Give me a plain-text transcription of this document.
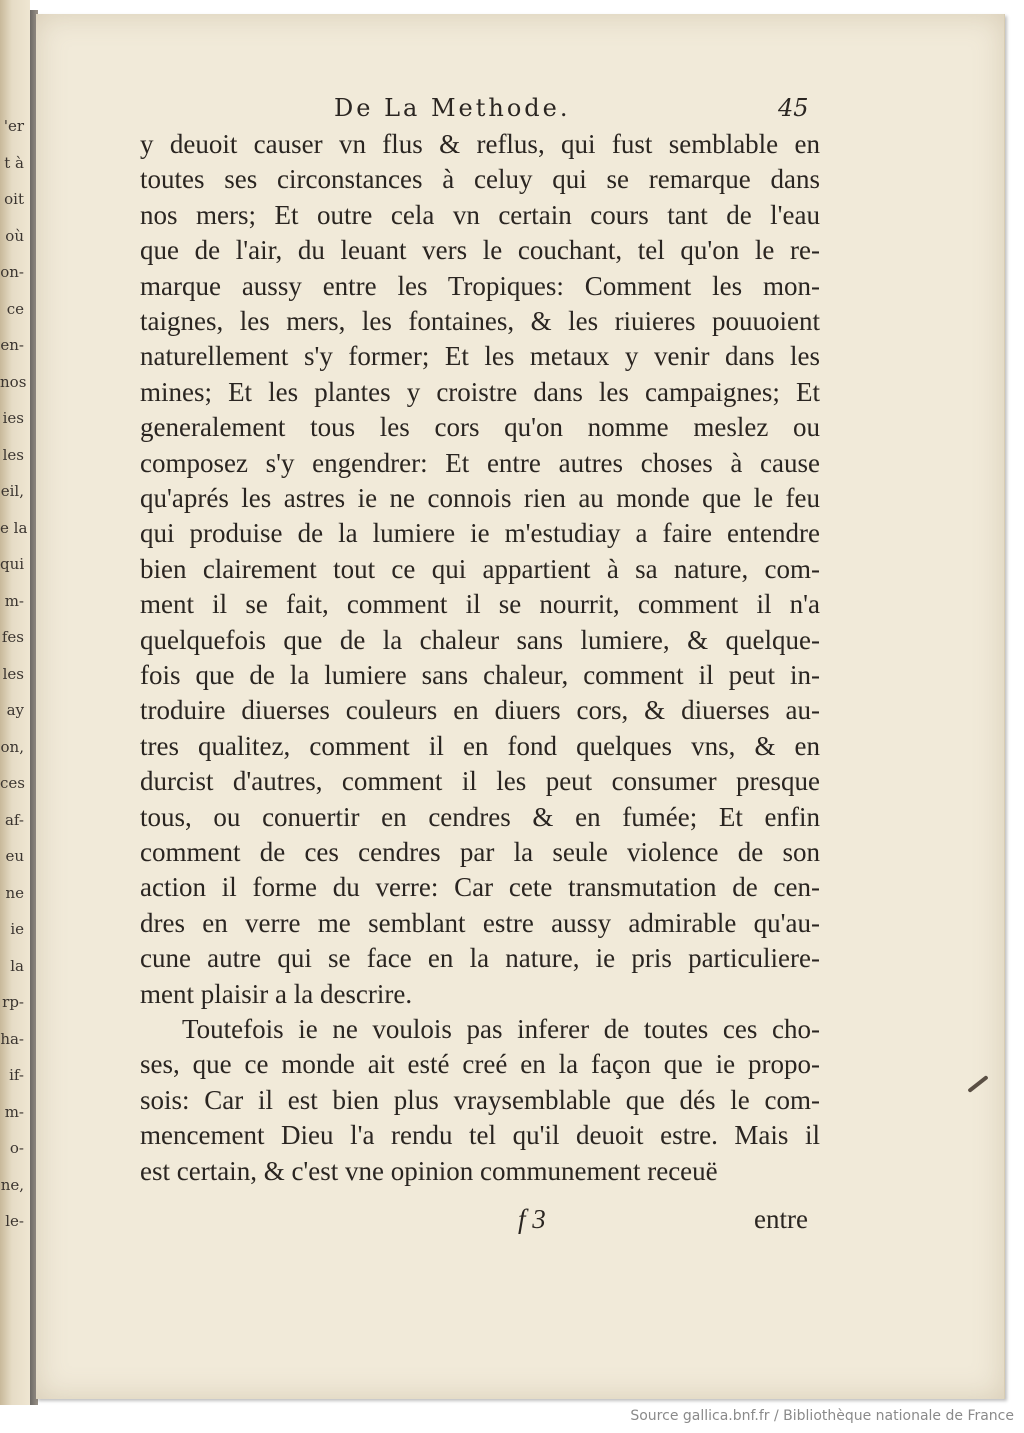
'er
t à
oit
où
on-
ce
en-
nos
ies
les
eil,
e la
qui
m-
fes
les
ay
on,
ces
af-
eu
ne
ie
la
rp-
ha-
if-
m-
o-
ne,
le-
De La Methode.	45
y deuoit causer vn flus & reflus, qui fust semblable en
toutes ses circonstances à celuy qui se remarque dans
nos mers; Et outre cela vn certain cours tant de l'eau
que de l'air, du leuant vers le couchant, tel qu'on le re-
marque aussy entre les Tropiques: Comment les mon-
taignes, les mers, les fontaines, & les riuieres pouuoient
naturellement s'y former; Et les metaux y venir dans les
mines; Et les plantes y croistre dans les campaignes; Et
generalement tous les cors qu'on nomme meslez ou
composez s'y engendrer: Et entre autres choses à cause
qu'aprés les astres ie ne connois rien au monde que le feu
qui produise de la lumiere ie m'estudiay a faire entendre
bien clairement tout ce qui appartient à sa nature, com-
ment il se fait, comment il se nourrit, comment il n'a
quelquefois que de la chaleur sans lumiere, & quelque-
fois que de la lumiere sans chaleur, comment il peut in-
troduire diuerses couleurs en diuers cors, & diuerses au-
tres qualitez, comment il en fond quelques vns, & en
durcist d'autres, comment il les peut consumer presque
tous, ou conuertir en cendres & en fumée; Et enfin
comment de ces cendres par la seule violence de son
action il forme du verre: Car cete transmutation de cen-
dres en verre me semblant estre aussy admirable qu'au-
cune autre qui se face en la nature, ie pris particuliere-
ment plaisir a la descrire.
Toutefois ie ne voulois pas inferer de toutes ces cho-
ses, que ce monde ait esté creé en la façon que ie propo-
sois: Car il est bien plus vraysemblable que dés le com-
mencement Dieu l'a rendu tel qu'il deuoit estre. Mais il
est certain, & c'est vne opinion communement receuë
f 3	entre
Source gallica.bnf.fr / Bibliothèque nationale de France
